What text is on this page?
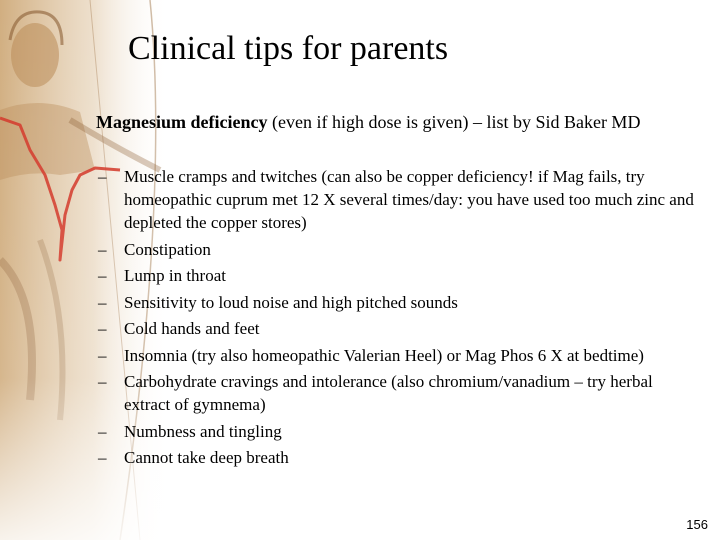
Clinical tips for parents
Magnesium deficiency (even if high dose is given) – list by Sid Baker MD
– Muscle cramps and twitches (can also be copper deficiency! if Mag fails, try homeopathic cuprum met 12 X several times/day: you have used too much zinc and depleted the copper stores)
– Constipation
– Lump in throat
– Sensitivity to loud noise and high pitched sounds
– Cold hands and feet
– Insomnia (try also homeopathic Valerian Heel) or Mag Phos 6 X at bedtime)
– Carbohydrate cravings and intolerance (also chromium/vanadium – try herbal extract of gymnema)
– Numbness and tingling
– Cannot take deep breath
156
